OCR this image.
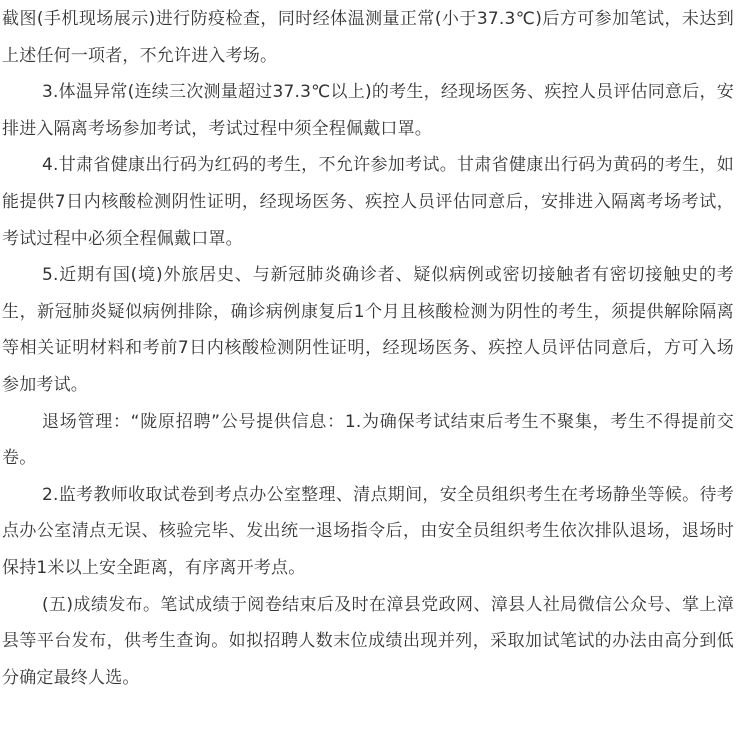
截图(手机现场展示)进行防疫检查，同时经体温测量正常(小于37.3℃)后方可参加笔试，未达到上述任何一项者，不允许进入考场。

3.体温异常(连续三次测量超过37.3℃以上)的考生，经现场医务、疾控人员评估同意后，安排进入隔离考场参加考试，考试过程中须全程佩戴口罩。

4.甘肃省健康出行码为红码的考生，不允许参加考试。甘肃省健康出行码为黄码的考生，如能提供7日内核酸检测阴性证明，经现场医务、疾控人员评估同意后，安排进入隔离考场考试，考试过程中必须全程佩戴口罩。

5.近期有国(境)外旅居史、与新冠肺炎确诊者、疑似病例或密切接触者有密切接触史的考生，新冠肺炎疑似病例排除，确诊病例康复后1个月且核酸检测为阴性的考生，须提供解除隔离等相关证明材料和考前7日内核酸检测阴性证明，经现场医务、疾控人员评估同意后，方可入场参加考试。

退场管理：“陇原招聘”公号提供信息：1.为确保考试结束后考生不聚集，考生不得提前交卷。

2.监考教师收取试卷到考点办公室整理、清点期间，安全员组织考生在考场静坐等候。待考点办公室清点无误、核验完毕、发出统一退场指令后，由安全员组织考生依次排队退场，退场时保持1米以上安全距离，有序离开考点。

(五)成绩发布。笔试成绩于阅卷结束后及时在漳县党政网、漳县人社局微信公众号、掌上漳县等平台发布，供考生查询。如拟招聘人数末位成绩出现并列，采取加试笔试的办法由高分到低分确定最终人选。
